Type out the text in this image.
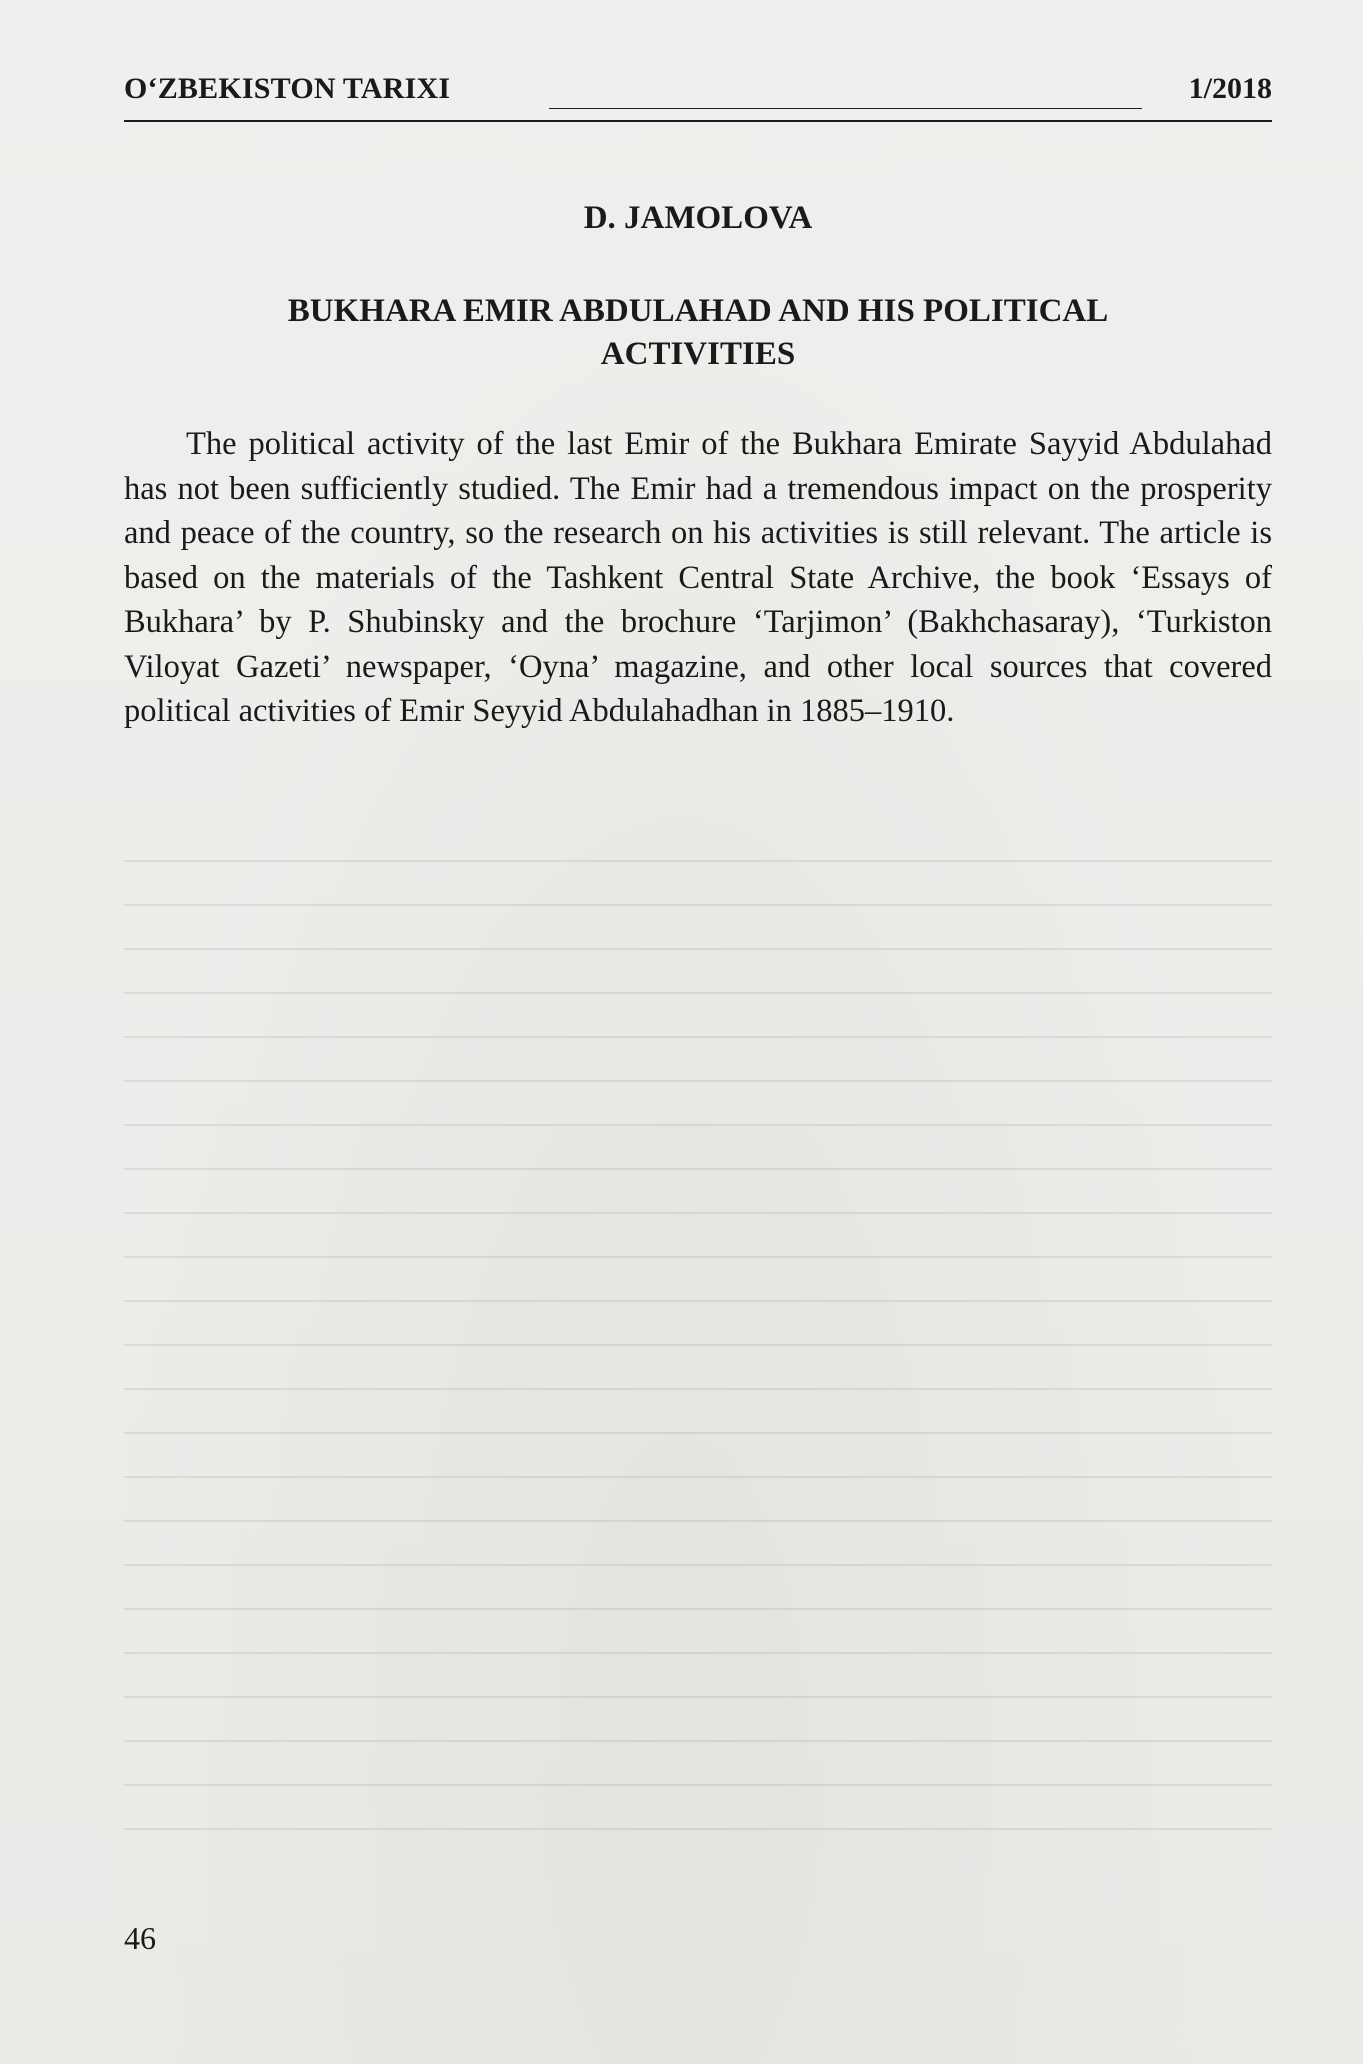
O‘ZBEKISTON TARIXI	1/2018
D. JAMOLOVA
BUKHARA EMIR ABDULAHAD AND HIS POLITICAL ACTIVITIES

The political activity of the last Emir of the Bukhara Emirate Sayyid Abdulahad has not been sufficiently studied. The Emir had a tremendous impact on the prosperity and peace of the country, so the research on his activities is still relevant. The article is based on the materials of the Tashkent Central State Archive, the book ‘Essays of Bukhara’ by P. Shubinsky and the brochure ‘Tarjimon’ (Bakhchasaray), ‘Turkiston Viloyat Gazeti’ newspaper, ‘Oyna’ magazine, and other local sources that covered political activities of Emir Seyyid Abdulahadhan in 1885–1910.

46
